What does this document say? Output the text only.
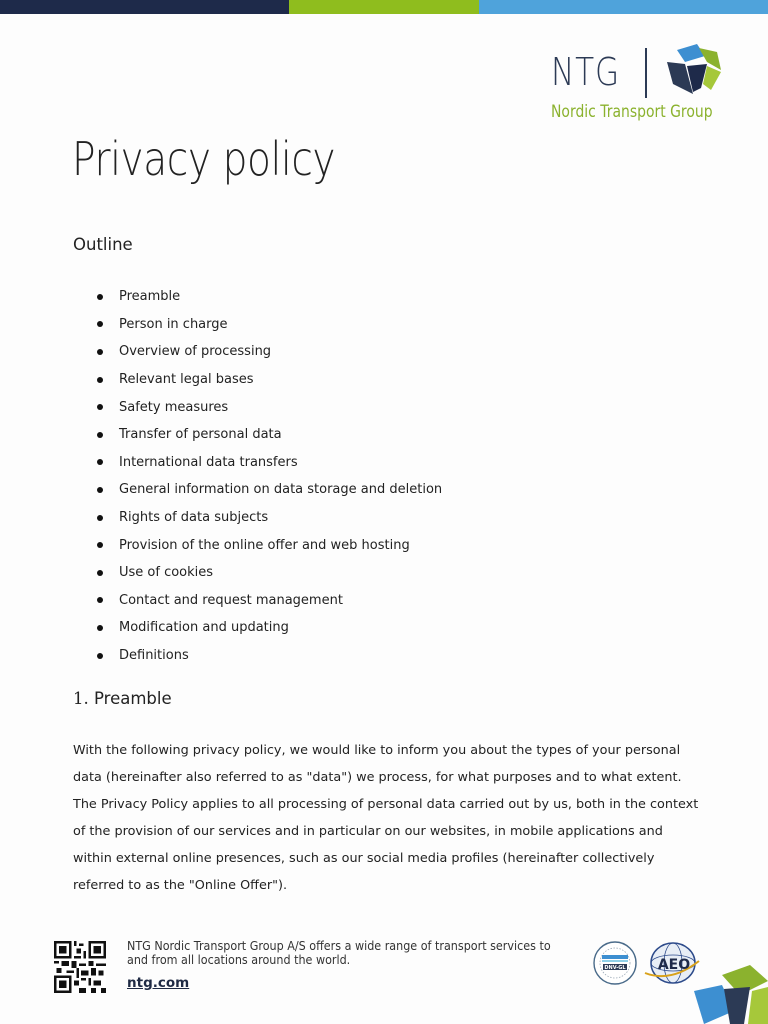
NTG
Nordic Transport Group
Privacy policy
Outline
Preamble
Person in charge
Overview of processing
Relevant legal bases
Safety measures
Transfer of personal data
International data transfers
General information on data storage and deletion
Rights of data subjects
Provision of the online offer and web hosting
Use of cookies
Contact and request management
Modification and updating
Definitions
1. Preamble

With the following privacy policy, we would like to inform you about the types of your personal data (hereinafter also referred to as "data") we process, for what purposes and to what extent. The Privacy Policy applies to all processing of personal data carried out by us, both in the context of the provision of our services and in particular on our websites, in mobile applications and within external online presences, such as our social media profiles (hereinafter collectively referred to as the "Online Offer").

NTG Nordic Transport Group A/S offers a wide range of transport services to and from all locations around the world.
ntg.com
DNV-GL AEO
